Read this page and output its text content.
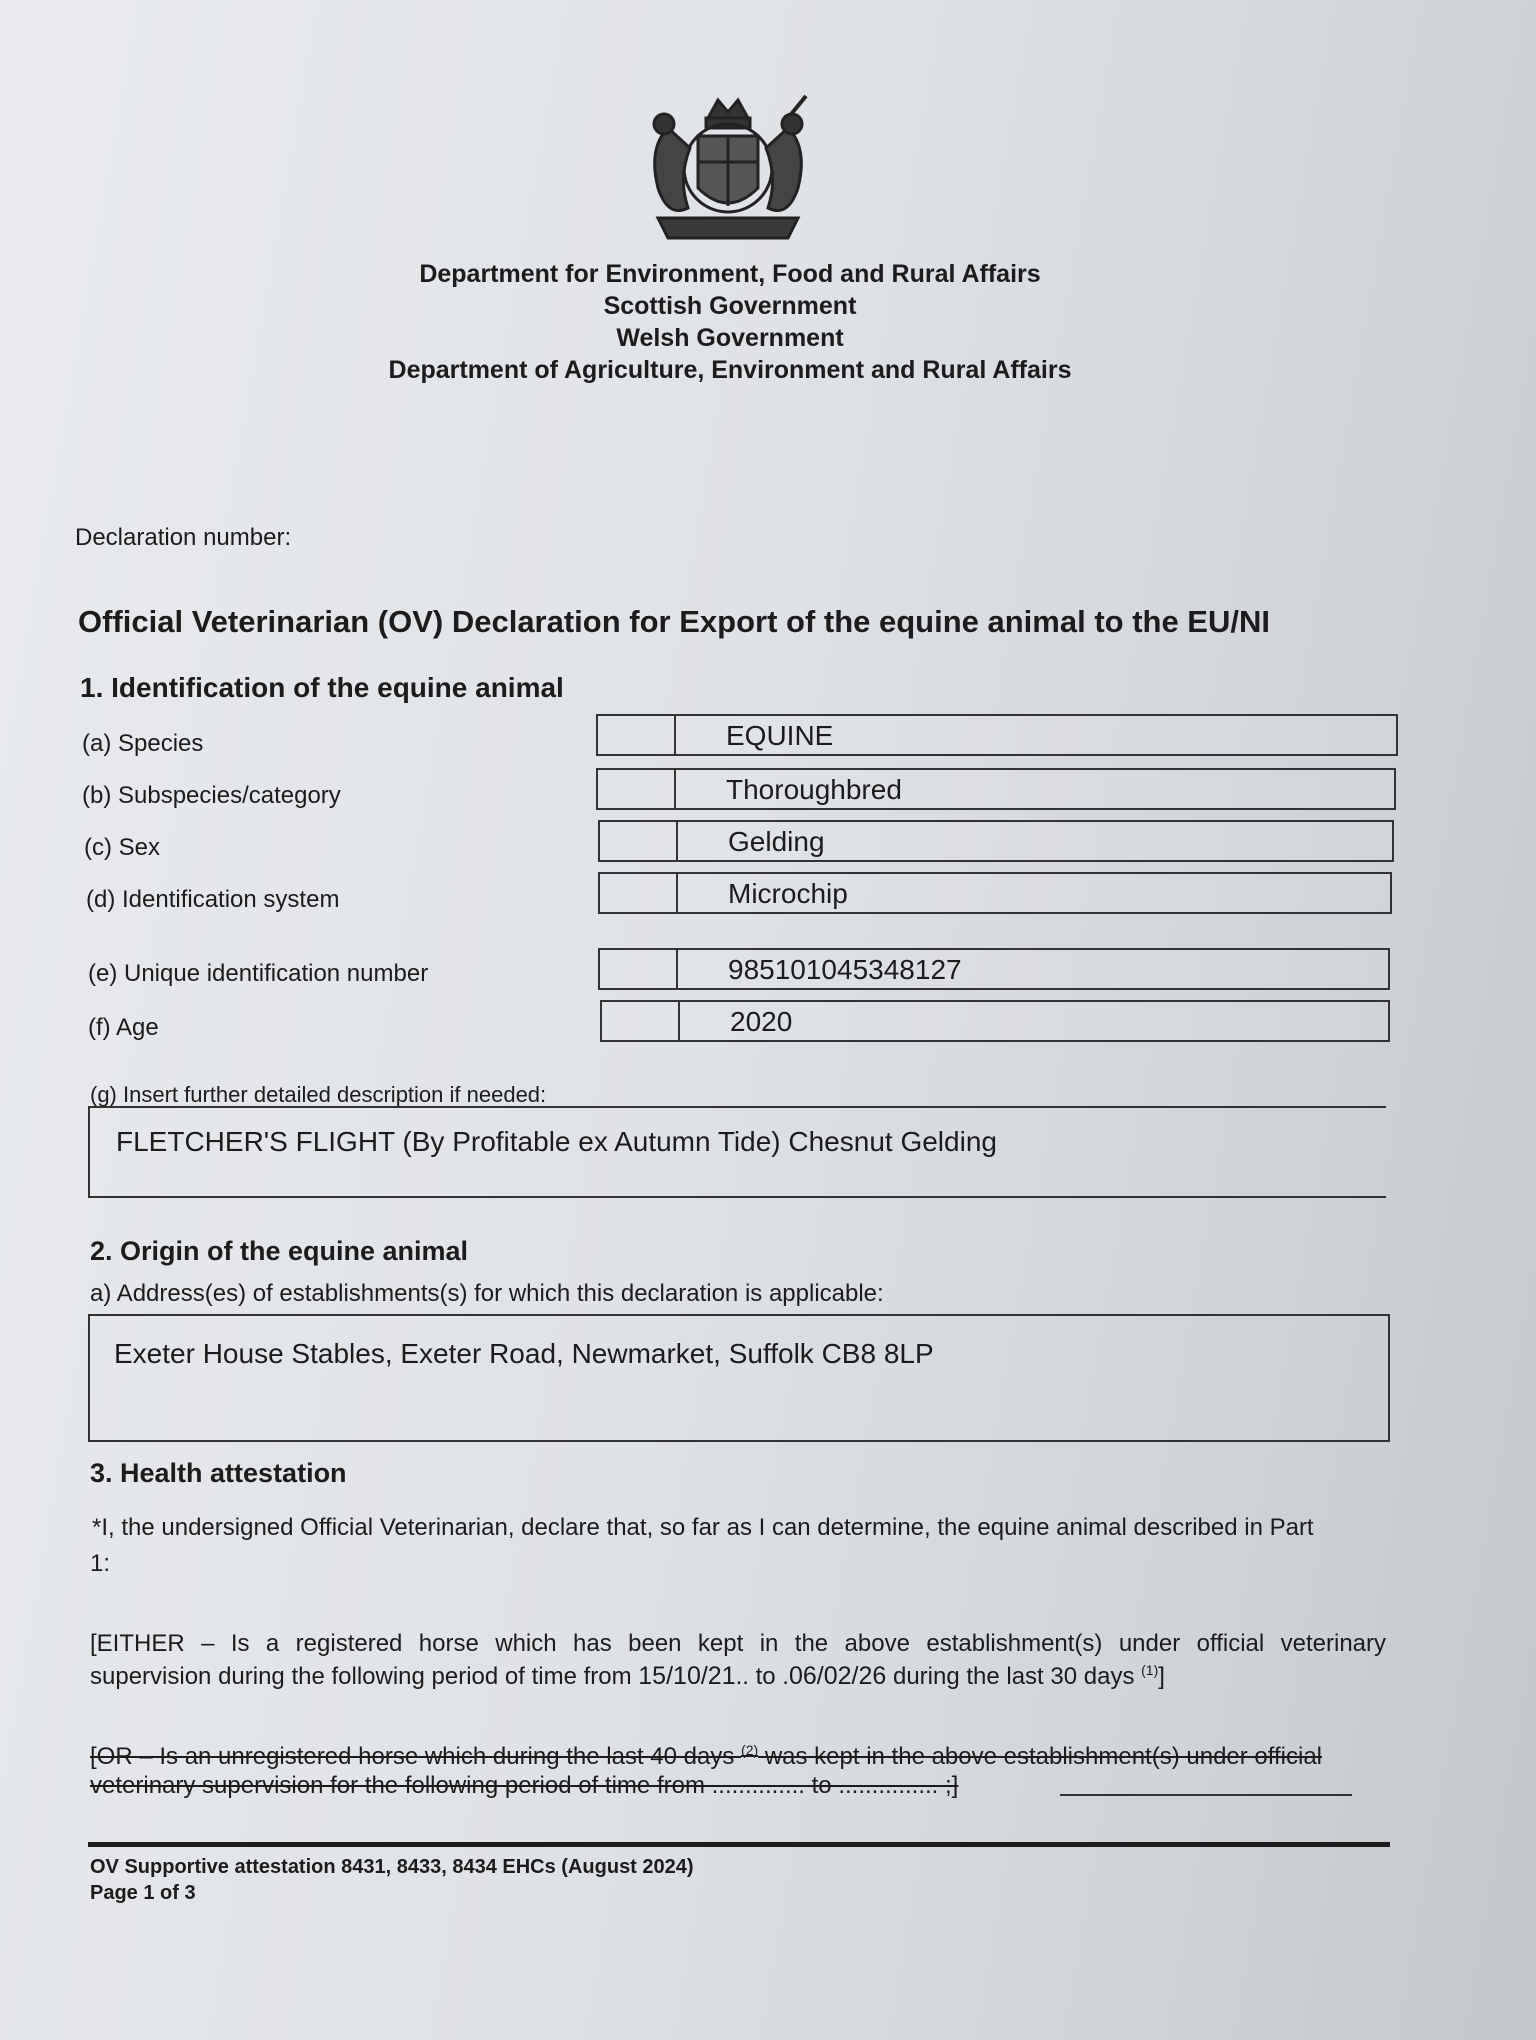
Department for Environment, Food and Rural Affairs
Scottish Government
Welsh Government
Department of Agriculture, Environment and Rural Affairs
Declaration number:
Official Veterinarian (OV) Declaration for Export of the equine animal to the EU/NI
1. Identification of the equine animal
(a) Species	EQUINE
(b) Subspecies/category	Thoroughbred
(c) Sex	Gelding
(d) Identification system	Microchip
(e) Unique identification number	985101045348127
(f) Age	2020
(g) Insert further detailed description if needed:
FLETCHER'S FLIGHT (By Profitable ex Autumn Tide) Chesnut Gelding
2. Origin of the equine animal
a) Address(es) of establishments(s) for which this declaration is applicable:
Exeter House Stables, Exeter Road, Newmarket, Suffolk CB8 8LP
3. Health attestation
*I, the undersigned Official Veterinarian, declare that, so far as I can determine, the equine animal described in Part
1:
[EITHER – Is a registered horse which has been kept in the above establishment(s) under official veterinary
supervision during the following period of time from 15/10/21.. to .06/02/26 during the last 30 days $^{(1)}$]
[OR – Is an unregistered horse which during the last 40 days $^{(2)}$ was kept in the above establishment(s) under official
veterinary supervision for the following period of time from .............. to ............... ;]
OV Supportive attestation 8431, 8433, 8434 EHCs (August 2024)
Page 1 of 3
